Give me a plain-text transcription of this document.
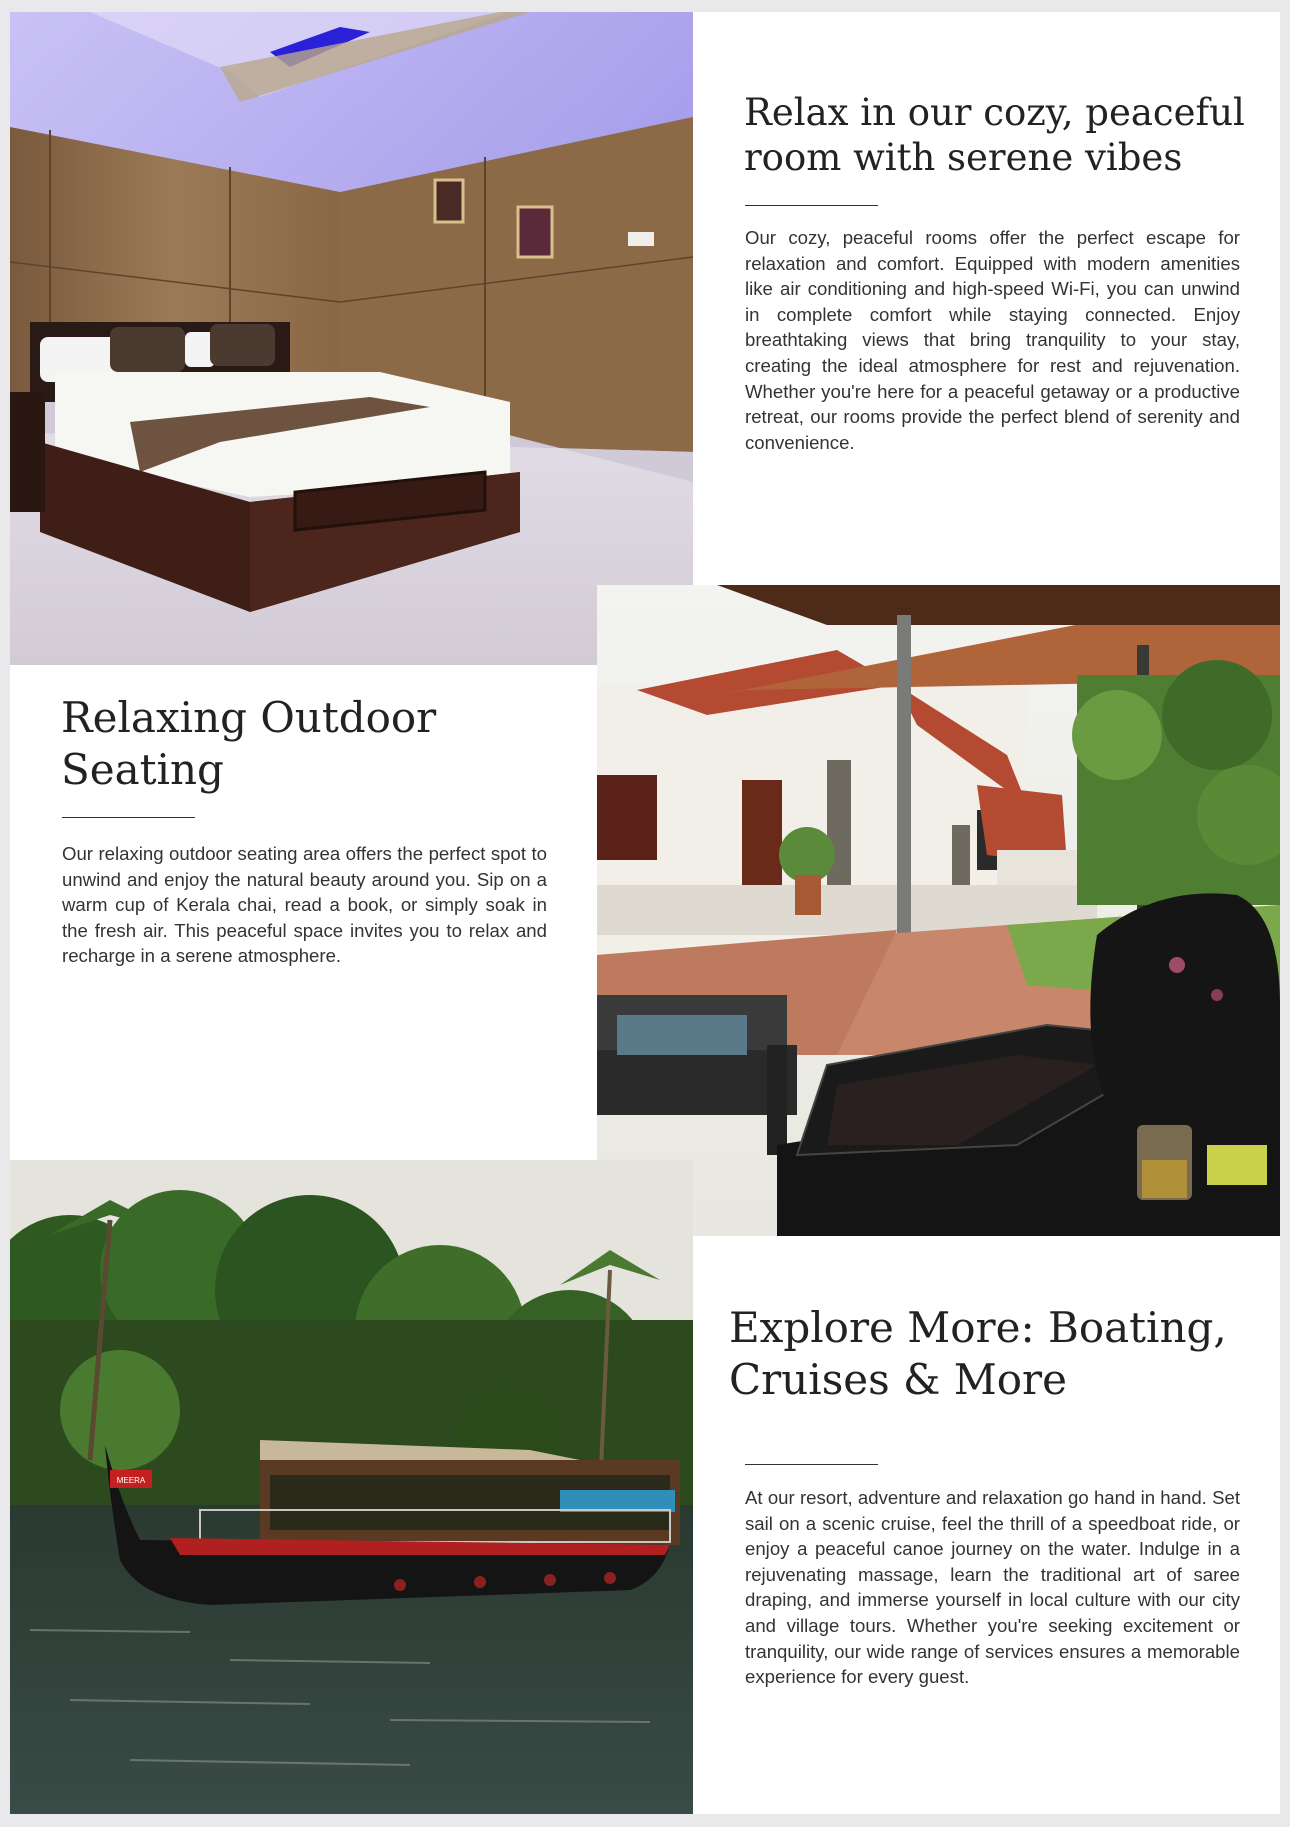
MEERA
Relax in our cozy, peaceful room with serene vibes

Our cozy, peaceful rooms offer the perfect escape for relaxation and comfort. Equipped with modern amenities like air conditioning and high-speed Wi-Fi, you can unwind in complete comfort while staying connected. Enjoy breathtaking views that bring tranquility to your stay, creating the ideal atmosphere for rest and rejuvenation. Whether you're here for a peaceful getaway or a productive retreat, our rooms provide the perfect blend of serenity and convenience.

Relaxing Outdoor Seating

Our relaxing outdoor seating area offers the perfect spot to unwind and enjoy the natural beauty around you. Sip on a warm cup of Kerala chai, read a book, or simply soak in the fresh air. This peaceful space invites you to relax and recharge in a serene atmosphere.

Explore More: Boating, Cruises & More

At our resort, adventure and relaxation go hand in hand. Set sail on a scenic cruise, feel the thrill of a speedboat ride, or enjoy a peaceful canoe journey on the water. Indulge in a rejuvenating massage, learn the traditional art of saree draping, and immerse yourself in local culture with our city and village tours. Whether you're seeking excitement or tranquility, our wide range of services ensures a memorable experience for every guest.
